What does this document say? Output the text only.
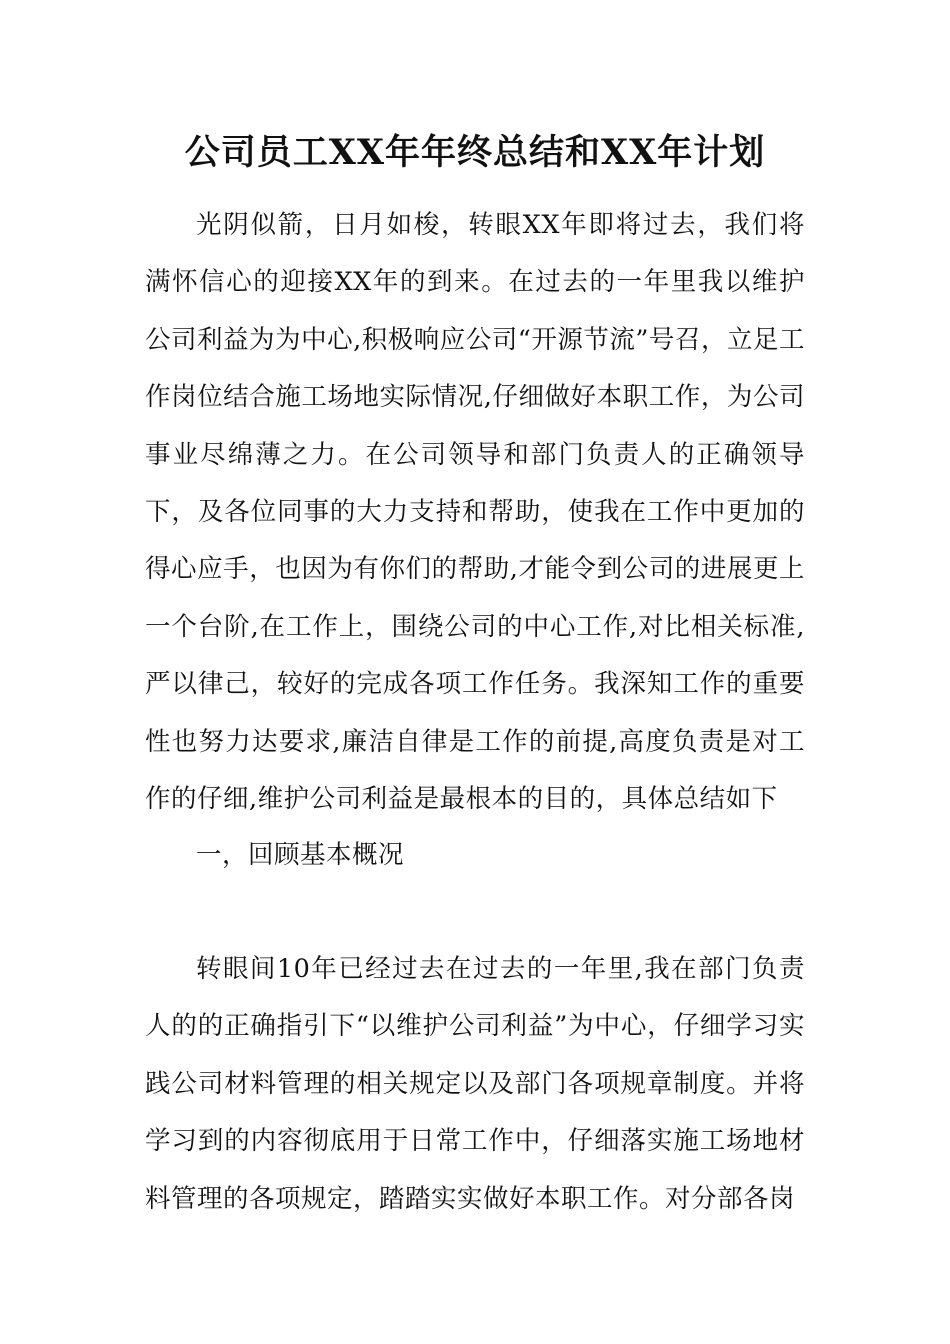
公司员工XX年年终总结和XX年计划
光阴似箭，日月如梭，转眼XX年即将过去，我们将满怀信心的迎接XX年的到来。在过去的一年里我以维护公司利益为为中心,积极响应公司“开源节流”号召，立足工作岗位结合施工场地实际情况,仔细做好本职工作，为公司事业尽绵薄之力。在公司领导和部门负责人的正确领导下，及各位同事的大力支持和帮助，使我在工作中更加的得心应手，也因为有你们的帮助,才能令到公司的进展更上一个台阶,在工作上，围绕公司的中心工作,对比相关标准,严以律己，较好的完成各项工作任务。我深知工作的重要性也努力达要求,廉洁自律是工作的前提,高度负责是对工作的仔细,维护公司利益是最根本的目的，具体总结如下
一，回顾基本概况
转眼间10年已经过去在过去的一年里,我在部门负责人的的正确指引下“以维护公司利益”为中心，仔细学习实践公司材料管理的相关规定以及部门各项规章制度。并将学习到的内容彻底用于日常工作中，仔细落实施工场地材料管理的各项规定，踏踏实实做好本职工作。对分部各岗
